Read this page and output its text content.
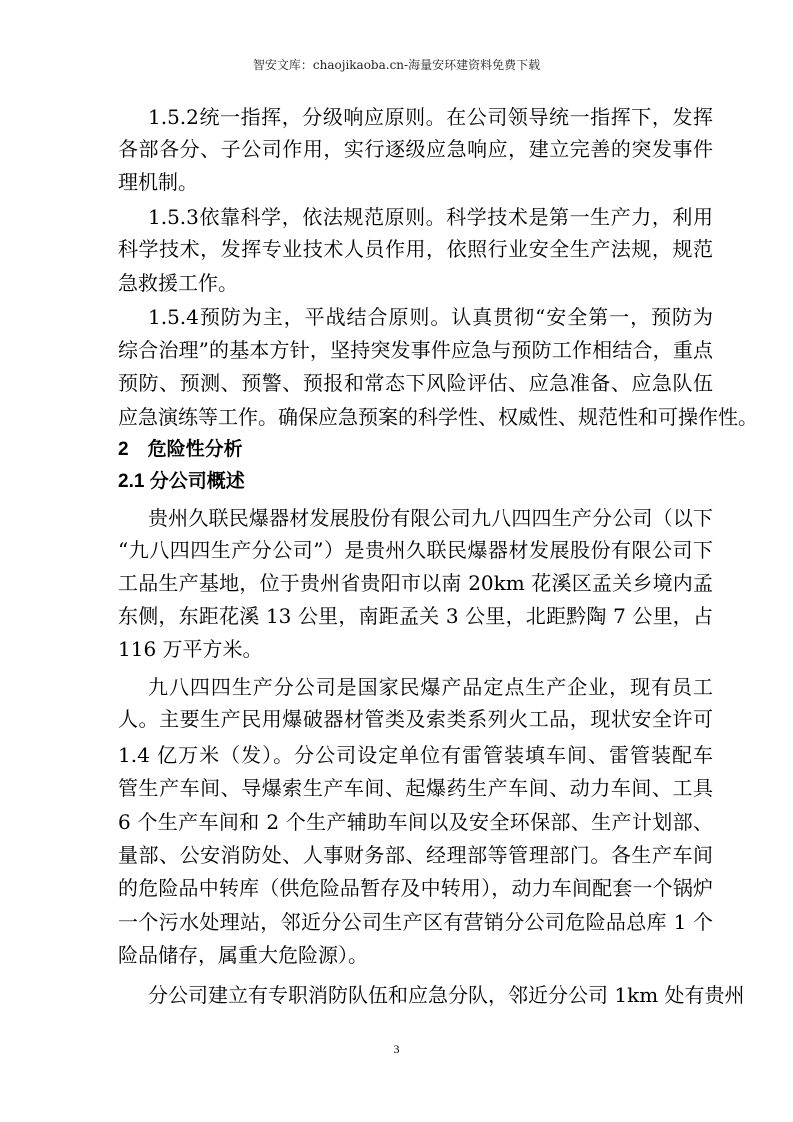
智安文库：chaojikaoba.cn-海量安环建资料免费下载
1.5.2统一指挥，分级响应原则。在公司领导统一指挥下，发挥
各部各分、子公司作用，实行逐级应急响应，建立完善的突发事件
理机制。
1.5.3依靠科学，依法规范原则。科学技术是第一生产力，利用
科学技术，发挥专业技术人员作用，依照行业安全生产法规，规范
急救援工作。
1.5.4预防为主，平战结合原则。认真贯彻“安全第一，预防为
综合治理”的基本方针，坚持突发事件应急与预防工作相结合，重点
预防、预测、预警、预报和常态下风险评估、应急准备、应急队伍
应急演练等工作。确保应急预案的科学性、权威性、规范性和可操作性。
2　危险性分析
2.1 分公司概述
贵州久联民爆器材发展股份有限公司九八四四生产分公司（以下
“九八四四生产分公司”）是贵州久联民爆器材发展股份有限公司下
工品生产基地，位于贵州省贵阳市以南 20km 花溪区孟关乡境内孟
东侧，东距花溪 13 公里，南距孟关 3 公里，北距黔陶 7 公里，占
116 万平方米。
九八四四生产分公司是国家民爆产品定点生产企业，现有员工
人。主要生产民用爆破器材管类及索类系列火工品，现状安全许可
1.4 亿万米（发）。分公司设定单位有雷管装填车间、雷管装配车
管生产车间、导爆索生产车间、起爆药生产车间、动力车间、工具
6 个生产车间和 2 个生产辅助车间以及安全环保部、生产计划部、
量部、公安消防处、人事财务部、经理部等管理部门。各生产车间
的危险品中转库（供危险品暂存及中转用），动力车间配套一个锅炉
一个污水处理站，邻近分公司生产区有营销分公司危险品总库 1 个
险品储存，属重大危险源）。
分公司建立有专职消防队伍和应急分队，邻近分公司 1km 处有贵州
3
